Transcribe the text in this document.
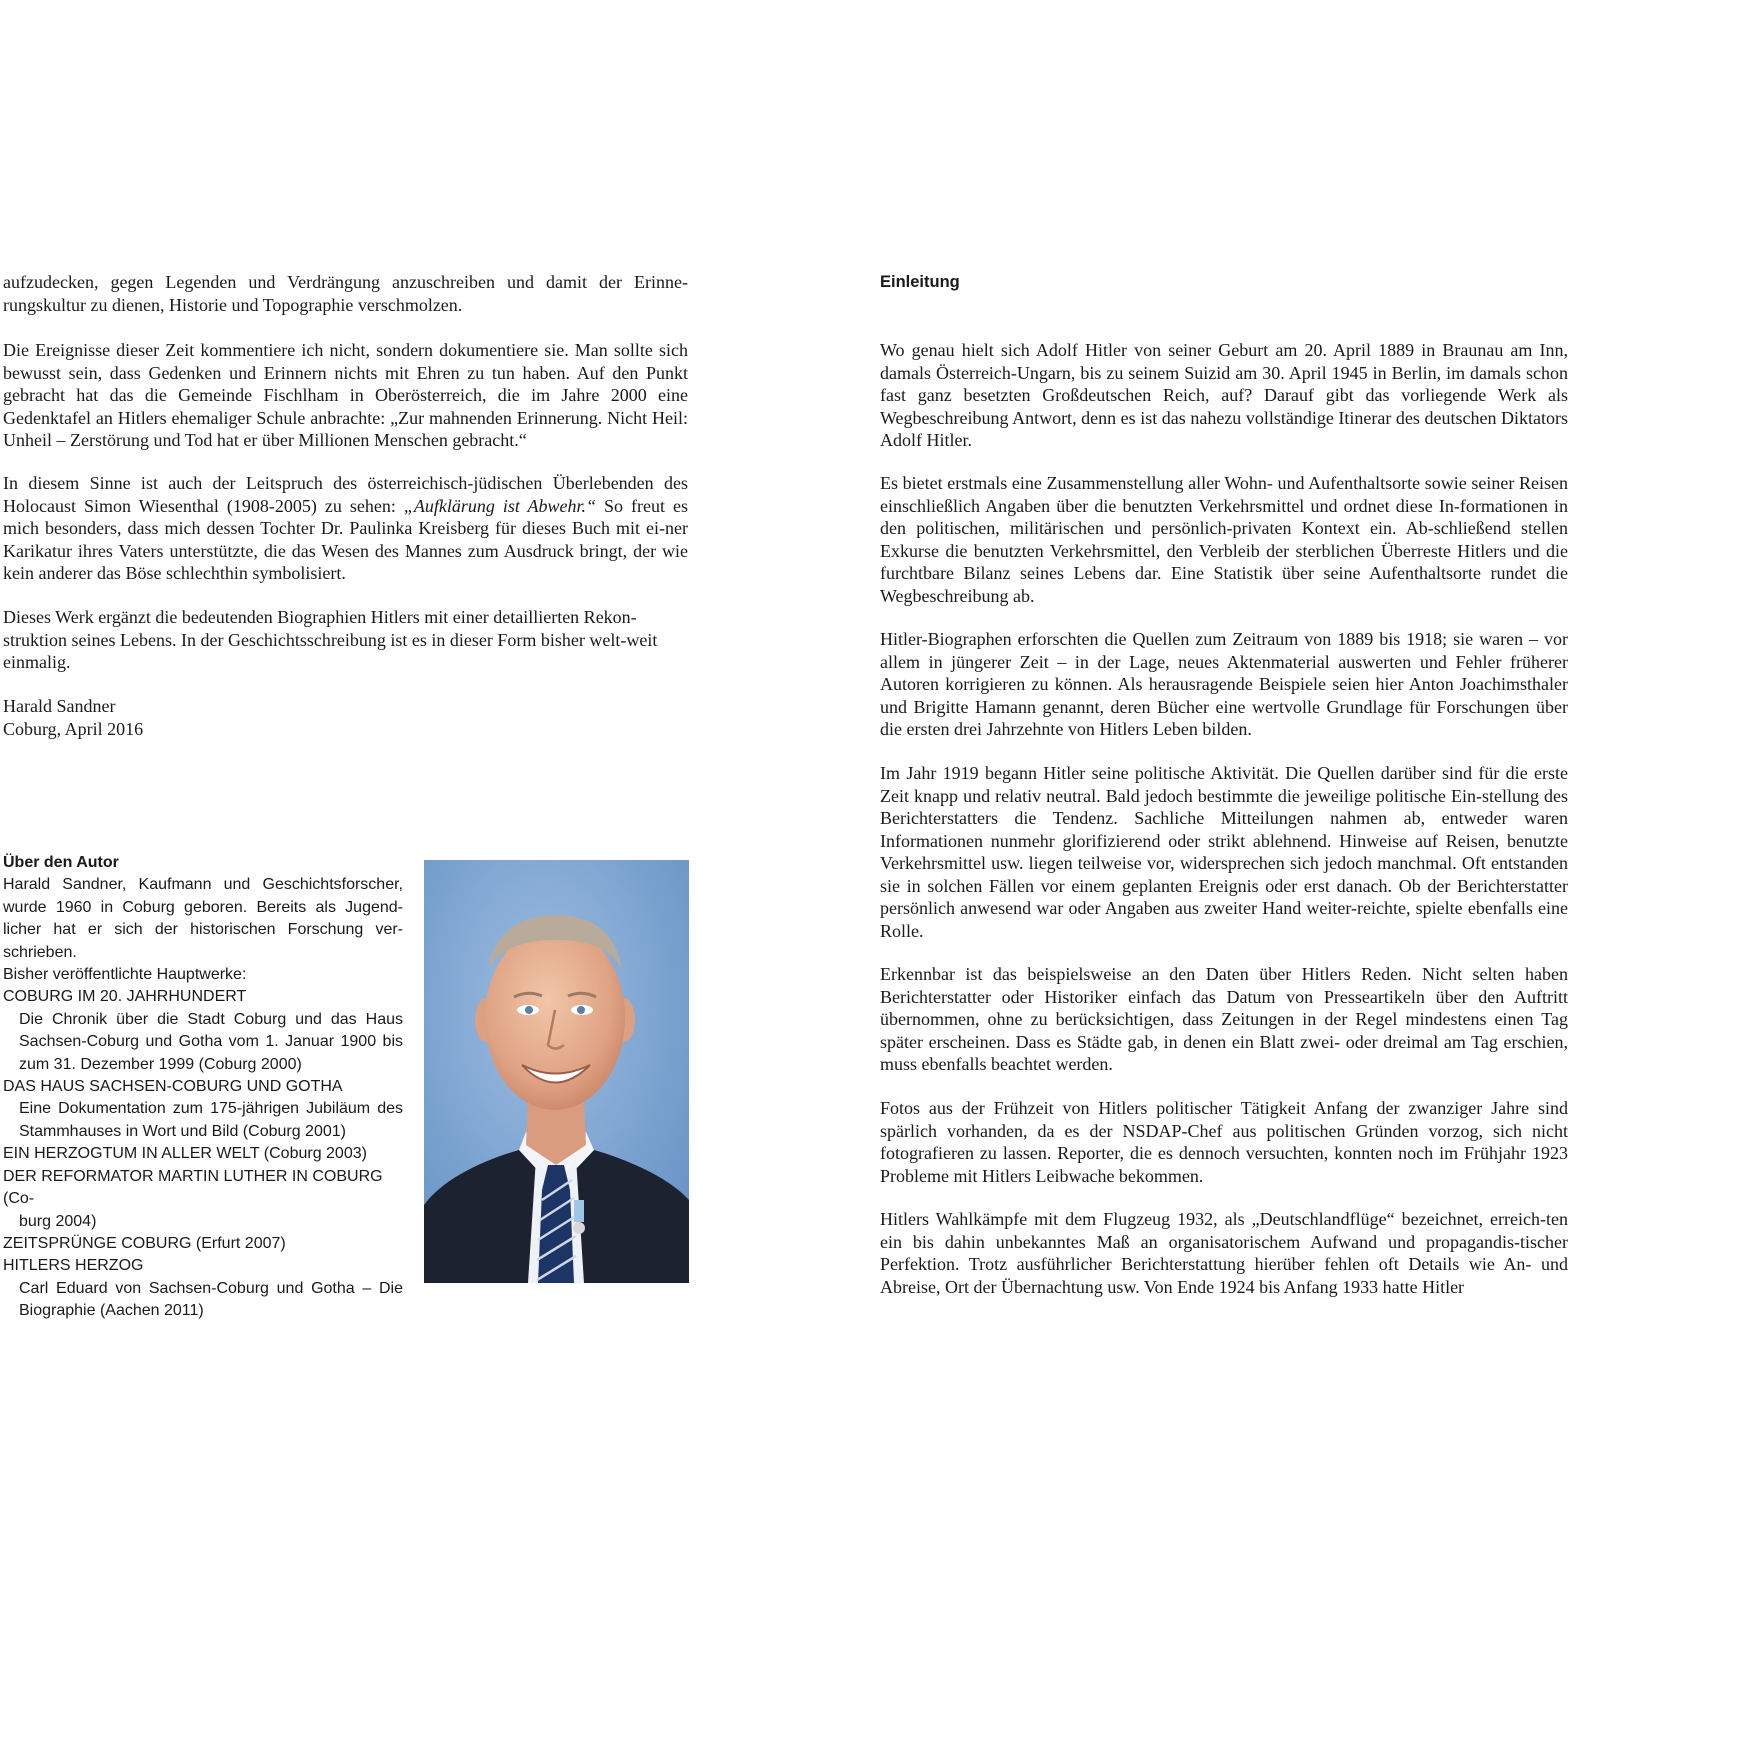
aufzudecken, gegen Legenden und Verdrängung anzuschreiben und damit der Erinne-rungskultur zu dienen, Historie und Topographie verschmolzen.

Die Ereignisse dieser Zeit kommentiere ich nicht, sondern dokumentiere sie. Man sollte sich bewusst sein, dass Gedenken und Erinnern nichts mit Ehren zu tun haben. Auf den Punkt gebracht hat das die Gemeinde Fischlham in Oberösterreich, die im Jahre 2000 eine Gedenktafel an Hitlers ehemaliger Schule anbrachte: „Zur mahnenden Erinnerung. Nicht Heil: Unheil – Zerstörung und Tod hat er über Millionen Menschen gebracht.“

In diesem Sinne ist auch der Leitspruch des österreichisch-jüdischen Überlebenden des Holocaust Simon Wiesenthal (1908-2005) zu sehen: „Aufklärung ist Abwehr.“ So freut es mich besonders, dass mich dessen Tochter Dr. Paulinka Kreisberg für dieses Buch mit ei-ner Karikatur ihres Vaters unterstützte, die das Wesen des Mannes zum Ausdruck bringt, der wie kein anderer das Böse schlechthin symbolisiert.

Dieses Werk ergänzt die bedeutenden Biographien Hitlers mit einer detaillierten Rekon-struktion seines Lebens. In der Geschichtsschreibung ist es in dieser Form bisher welt-weit einmalig.

Harald Sandner

Coburg, April 2016

Über den Autor
Harald Sandner, Kaufmann und Geschichtsforscher, wurde 1960 in Coburg geboren. Bereits als Jugend-licher hat er sich der historischen Forschung ver-schrieben.
Bisher veröffentlichte Hauptwerke:
COBURG IM 20. JAHRHUNDERT
Die Chronik über die Stadt Coburg und das Haus Sachsen-Coburg und Gotha vom 1. Januar 1900 bis zum 31. Dezember 1999 (Coburg 2000)
DAS HAUS SACHSEN-COBURG UND GOTHA
Eine Dokumentation zum 175-jährigen Jubiläum des Stammhauses in Wort und Bild (Coburg 2001)
EIN HERZOGTUM IN ALLER WELT (Coburg 2003)
DER REFORMATOR MARTIN LUTHER IN COBURG (Co-
burg 2004)
ZEITSPRÜNGE COBURG (Erfurt 2007)
HITLERS HERZOG
Carl Eduard von Sachsen-Coburg und Gotha – Die Biographie (Aachen 2011)
Einleitung

Wo genau hielt sich Adolf Hitler von seiner Geburt am 20. April 1889 in Braunau am Inn, damals Österreich-Ungarn, bis zu seinem Suizid am 30. April 1945 in Berlin, im damals schon fast ganz besetzten Großdeutschen Reich, auf? Darauf gibt das vorliegende Werk als Wegbeschreibung Antwort, denn es ist das nahezu vollständige Itinerar des deutschen Diktators Adolf Hitler.

Es bietet erstmals eine Zusammenstellung aller Wohn- und Aufenthaltsorte sowie seiner Reisen einschließlich Angaben über die benutzten Verkehrsmittel und ordnet diese In-formationen in den politischen, militärischen und persönlich-privaten Kontext ein. Ab-schließend stellen Exkurse die benutzten Verkehrsmittel, den Verbleib der sterblichen Überreste Hitlers und die furchtbare Bilanz seines Lebens dar. Eine Statistik über seine Aufenthaltsorte rundet die Wegbeschreibung ab.

Hitler-Biographen erforschten die Quellen zum Zeitraum von 1889 bis 1918; sie waren – vor allem in jüngerer Zeit – in der Lage, neues Aktenmaterial auswerten und Fehler früherer Autoren korrigieren zu können. Als herausragende Beispiele seien hier Anton Joachimsthaler und Brigitte Hamann genannt, deren Bücher eine wertvolle Grundlage für Forschungen über die ersten drei Jahrzehnte von Hitlers Leben bilden.

Im Jahr 1919 begann Hitler seine politische Aktivität. Die Quellen darüber sind für die erste Zeit knapp und relativ neutral. Bald jedoch bestimmte die jeweilige politische Ein-stellung des Berichterstatters die Tendenz. Sachliche Mitteilungen nahmen ab, entweder waren Informationen nunmehr glorifizierend oder strikt ablehnend. Hinweise auf Reisen, benutzte Verkehrsmittel usw. liegen teilweise vor, widersprechen sich jedoch manchmal. Oft entstanden sie in solchen Fällen vor einem geplanten Ereignis oder erst danach. Ob der Berichterstatter persönlich anwesend war oder Angaben aus zweiter Hand weiter-reichte, spielte ebenfalls eine Rolle.

Erkennbar ist das beispielsweise an den Daten über Hitlers Reden. Nicht selten haben Berichterstatter oder Historiker einfach das Datum von Presseartikeln über den Auftritt übernommen, ohne zu berücksichtigen, dass Zeitungen in der Regel mindestens einen Tag später erscheinen. Dass es Städte gab, in denen ein Blatt zwei- oder dreimal am Tag erschien, muss ebenfalls beachtet werden.

Fotos aus der Frühzeit von Hitlers politischer Tätigkeit Anfang der zwanziger Jahre sind spärlich vorhanden, da es der NSDAP-Chef aus politischen Gründen vorzog, sich nicht fotografieren zu lassen. Reporter, die es dennoch versuchten, konnten noch im Frühjahr 1923 Probleme mit Hitlers Leibwache bekommen.

Hitlers Wahlkämpfe mit dem Flugzeug 1932, als „Deutschlandflüge“ bezeichnet, erreich-ten ein bis dahin unbekanntes Maß an organisatorischem Aufwand und propagandis-tischer Perfektion. Trotz ausführlicher Berichterstattung hierüber fehlen oft Details wie An- und Abreise, Ort der Übernachtung usw. Von Ende 1924 bis Anfang 1933 hatte Hitler
